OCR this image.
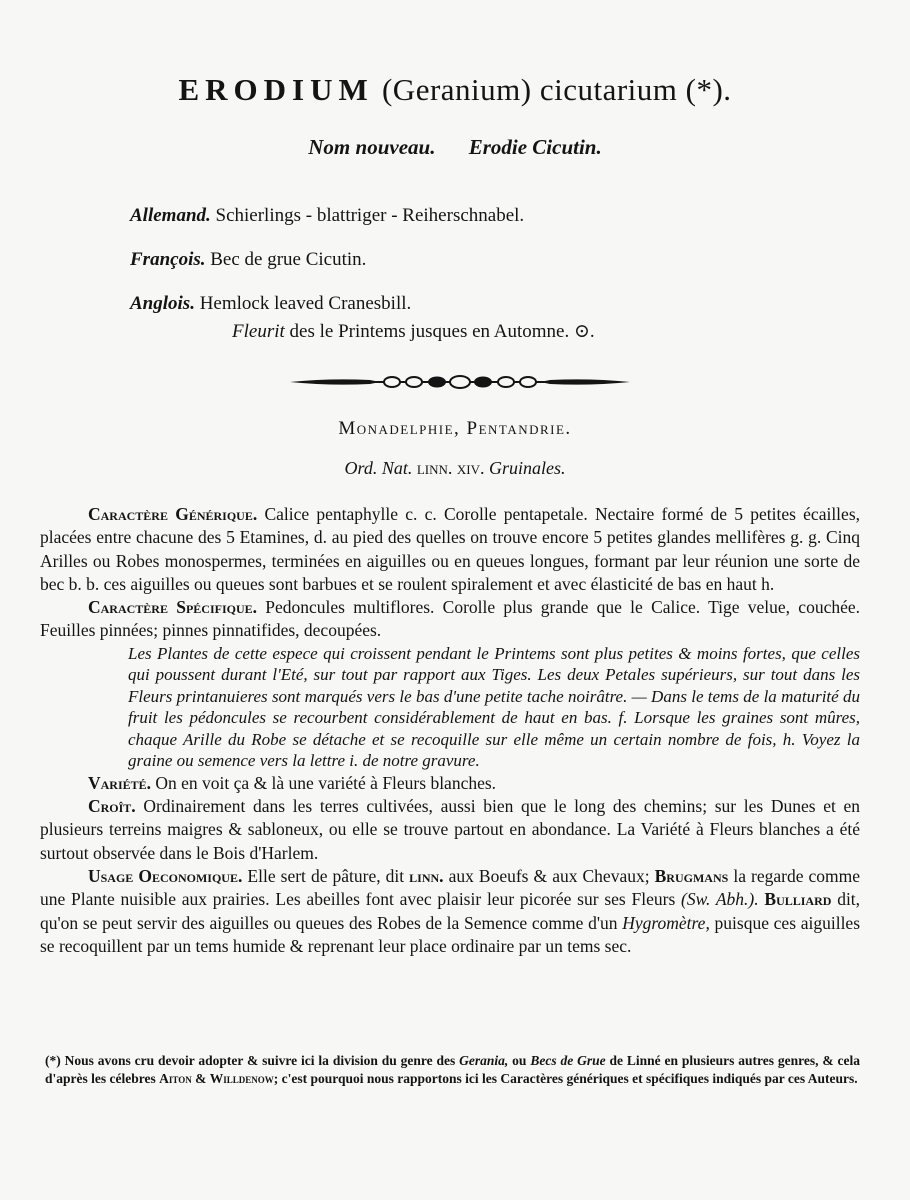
ERODIUM (Geranium) cicutarium (*).
Nom nouveau. Erodie Cicutin.
Allemand. Schierlings - blattriger - Reiherschnabel.
François. Bec de grue Cicutin.
Anglois. Hemlock leaved Cranesbill.
Fleurit des le Printems jusques en Automne. ⊙.
Monadelphie, Pentandrie.
Ord. Nat. linn. xiv. Gruinales.

Caractère Générique. Calice pentaphylle c. c. Corolle pentapetale. Nectaire formé de 5 petites écailles, placées entre chacune des 5 Etamines, d. au pied des quelles on trouve encore 5 petites glandes mellifères g. g. Cinq Arilles ou Robes monospermes, terminées en aiguilles ou en queues longues, formant par leur réunion une sorte de bec b. b. ces aiguilles ou queues sont barbues et se roulent spiralement et avec élasticité de bas en haut h.

Caractère Spécifique. Pedoncules multiflores. Corolle plus grande que le Calice. Tige velue, couchée. Feuilles pinnées; pinnes pinnatifides, decoupées.

Les Plantes de cette espece qui croissent pendant le Printems sont plus petites & moins fortes, que celles qui poussent durant l'Eté, sur tout par rapport aux Tiges. Les deux Petales supérieurs, sur tout dans les Fleurs printanuieres sont marqués vers le bas d'une petite tache noirâtre. — Dans le tems de la maturité du fruit les pédoncules se recourbent considérablement de haut en bas. f. Lorsque les graines sont mûres, chaque Arille du Robe se détache et se recoquille sur elle même un certain nombre de fois, h. Voyez la graine ou semence vers la lettre i. de notre gravure.

Variété. On en voit ça & là une variété à Fleurs blanches.

Croît. Ordinairement dans les terres cultivées, aussi bien que le long des chemins; sur les Dunes et en plusieurs terreins maigres & sabloneux, ou elle se trouve partout en abondance. La Variété à Fleurs blanches a été surtout observée dans le Bois d'Harlem.

Usage Oeconomique. Elle sert de pâture, dit linn. aux Boeufs & aux Chevaux; Brugmans la regarde comme une Plante nuisible aux prairies. Les abeilles font avec plaisir leur picorée sur ses Fleurs (Sw. Abh.). Bulliard dit, qu'on se peut servir des aiguilles ou queues des Robes de la Semence comme d'un Hygromètre, puisque ces aiguilles se recoquillent par un tems humide & reprenant leur place ordinaire par un tems sec.

(*) Nous avons cru devoir adopter & suivre ici la division du genre des Gerania, ou Becs de Grue de Linné en plusieurs autres genres, & cela d'après les célebres Aiton & Willdenow; c'est pourquoi nous rapportons ici les Caractères génériques et spécifiques indiqués par ces Auteurs.
